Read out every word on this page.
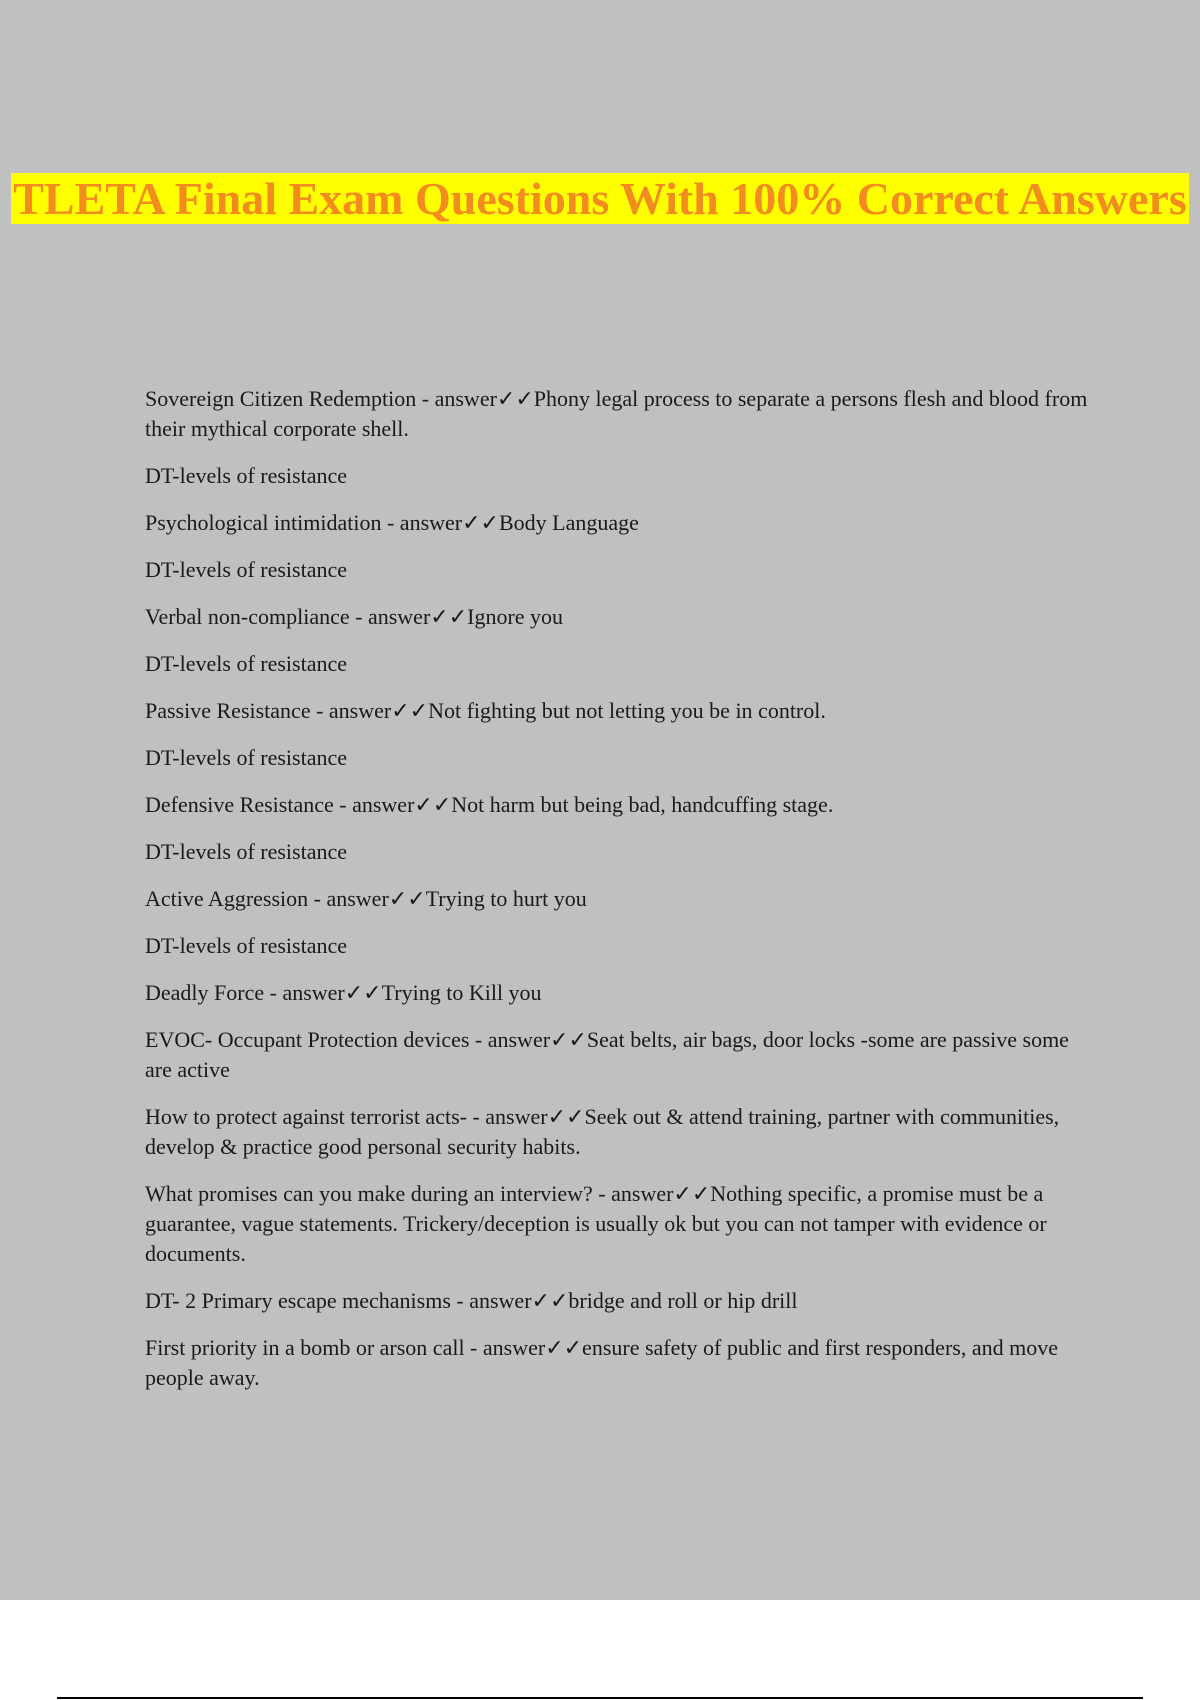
TLETA Final Exam Questions With 100% Correct Answers

Sovereign Citizen Redemption - answer✓✓Phony legal process to separate a persons flesh and blood from their mythical corporate shell.

DT-levels of resistance

Psychological intimidation - answer✓✓Body Language

DT-levels of resistance

Verbal non-compliance - answer✓✓Ignore you

DT-levels of resistance

Passive Resistance - answer✓✓Not fighting but not letting you be in control.

DT-levels of resistance

Defensive Resistance - answer✓✓Not harm but being bad, handcuffing stage.

DT-levels of resistance

Active Aggression - answer✓✓Trying to hurt you

DT-levels of resistance

Deadly Force - answer✓✓Trying to Kill you

EVOC- Occupant Protection devices - answer✓✓Seat belts, air bags, door locks -some are passive some are active

How to protect against terrorist acts- - answer✓✓Seek out & attend training, partner with communities, develop & practice good personal security habits.

What promises can you make during an interview? - answer✓✓Nothing specific, a promise must be a guarantee, vague statements. Trickery/deception is usually ok but you can not tamper with evidence or documents.

DT- 2 Primary escape mechanisms - answer✓✓bridge and roll or hip drill

First priority in a bomb or arson call - answer✓✓ensure safety of public and first responders, and move people away.
